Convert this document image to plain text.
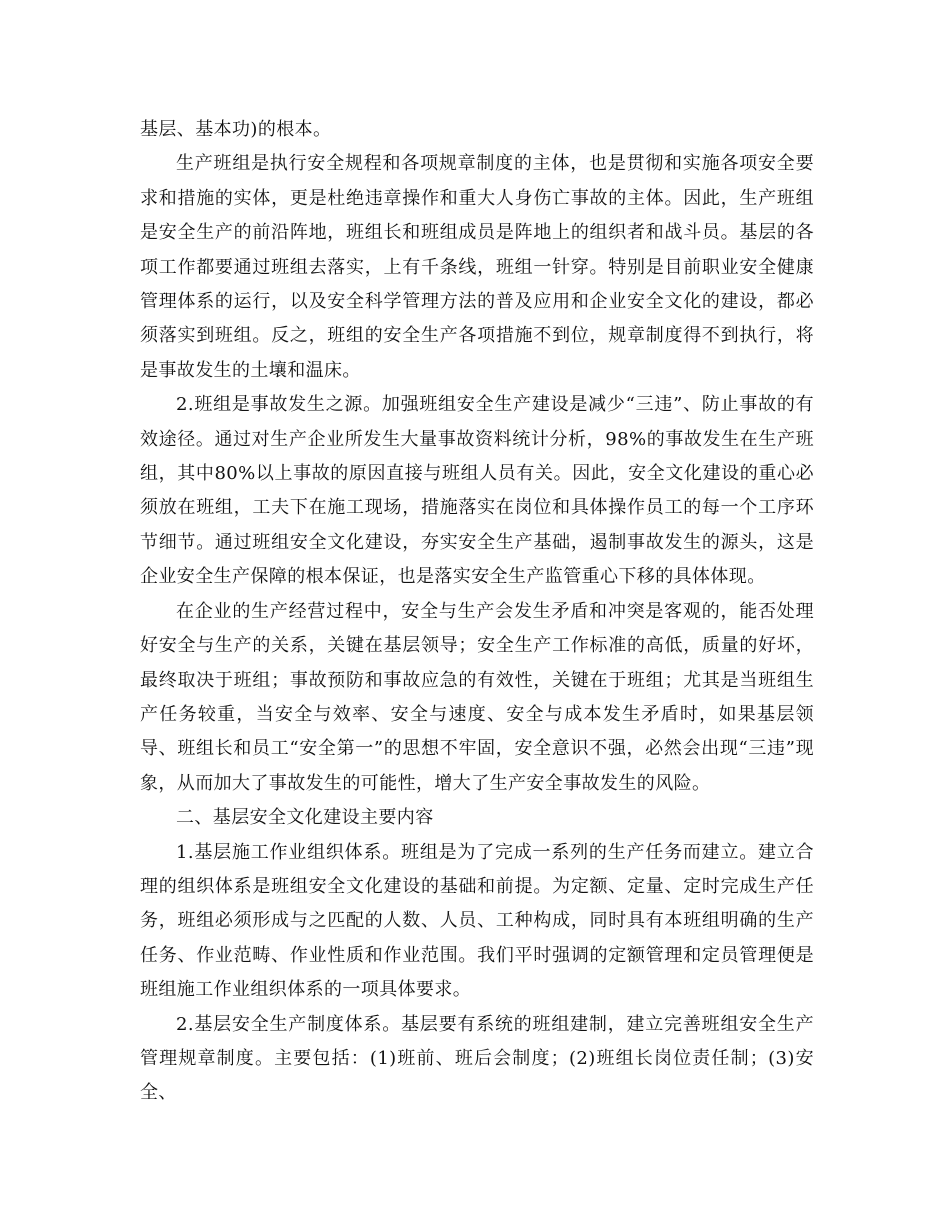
基层、基本功)的根本。

生产班组是执行安全规程和各项规章制度的主体，也是贯彻和实施各项安全要求和措施的实体，更是杜绝违章操作和重大人身伤亡事故的主体。因此，生产班组是安全生产的前沿阵地，班组长和班组成员是阵地上的组织者和战斗员。基层的各项工作都要通过班组去落实，上有千条线，班组一针穿。特别是目前职业安全健康管理体系的运行，以及安全科学管理方法的普及应用和企业安全文化的建设，都必须落实到班组。反之，班组的安全生产各项措施不到位，规章制度得不到执行，将是事故发生的土壤和温床。

2.班组是事故发生之源。加强班组安全生产建设是减少“三违”、防止事故的有效途径。通过对生产企业所发生大量事故资料统计分析，98%的事故发生在生产班组，其中80%以上事故的原因直接与班组人员有关。因此，安全文化建设的重心必须放在班组，工夫下在施工现场，措施落实在岗位和具体操作员工的每一个工序环节细节。通过班组安全文化建设，夯实安全生产基础，遏制事故发生的源头，这是企业安全生产保障的根本保证，也是落实安全生产监管重心下移的具体体现。

在企业的生产经营过程中，安全与生产会发生矛盾和冲突是客观的，能否处理好安全与生产的关系，关键在基层领导；安全生产工作标准的高低，质量的好坏，最终取决于班组；事故预防和事故应急的有效性，关键在于班组；尤其是当班组生产任务较重，当安全与效率、安全与速度、安全与成本发生矛盾时，如果基层领导、班组长和员工“安全第一”的思想不牢固，安全意识不强，必然会出现“三违”现象，从而加大了事故发生的可能性，增大了生产安全事故发生的风险。

二、基层安全文化建设主要内容

1.基层施工作业组织体系。班组是为了完成一系列的生产任务而建立。建立合理的组织体系是班组安全文化建设的基础和前提。为定额、定量、定时完成生产任务，班组必须形成与之匹配的人数、人员、工种构成，同时具有本班组明确的生产任务、作业范畴、作业性质和作业范围。我们平时强调的定额管理和定员管理便是班组施工作业组织体系的一项具体要求。

2.基层安全生产制度体系。基层要有系统的班组建制，建立完善班组安全生产管理规章制度。主要包括：(1)班前、班后会制度；(2)班组长岗位责任制；(3)安全、
